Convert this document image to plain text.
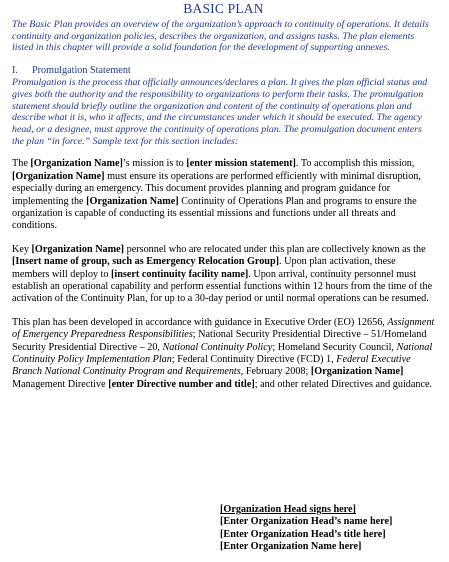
BASIC PLAN

The Basic Plan provides an overview of the organization’s approach to continuity of operations. It details continuity and organization policies, describes the organization, and assigns tasks. The plan elements listed in this chapter will provide a solid foundation for the development of supporting annexes.

I. Promulgation Statement

Promulgation is the process that officially announces/declares a plan. It gives the plan official status and gives both the authority and the responsibility to organizations to perform their tasks. The promulgation statement should briefly outline the organization and content of the continuity of operations plan and describe what it is, who it affects, and the circumstances under which it should be executed. The agency head, or a designee, must approve the continuity of operations plan. The promulgation document enters the plan “in force.” Sample text for this section includes:

The [Organization Name]’s mission is to [enter mission statement]. To accomplish this mission, [Organization Name] must ensure its operations are performed efficiently with minimal disruption, especially during an emergency. This document provides planning and program guidance for implementing the [Organization Name] Continuity of Operations Plan and programs to ensure the organization is capable of conducting its essential missions and functions under all threats and conditions.

Key [Organization Name] personnel who are relocated under this plan are collectively known as the [Insert name of group, such as Emergency Relocation Group]. Upon plan activation, these members will deploy to [insert continuity facility name]. Upon arrival, continuity personnel must establish an operational capability and perform essential functions within 12 hours from the time of the activation of the Continuity Plan, for up to a 30-day period or until normal operations can be resumed.

This plan has been developed in accordance with guidance in Executive Order (EO) 12656, Assignment of Emergency Preparedness Responsibilities; National Security Presidential Directive – 51/Homeland Security Presidential Directive – 20, National Continuity Policy; Homeland Security Council, National Continuity Policy Implementation Plan; Federal Continuity Directive (FCD) 1, Federal Executive Branch National Continuity Program and Requirements, February 2008; [Organization Name] Management Directive [enter Directive number and title]; and other related Directives and guidance.

[Organization Head signs here]
[Enter Organization Head’s name here]
[Enter Organization Head’s title here]
[Enter Organization Name here]
